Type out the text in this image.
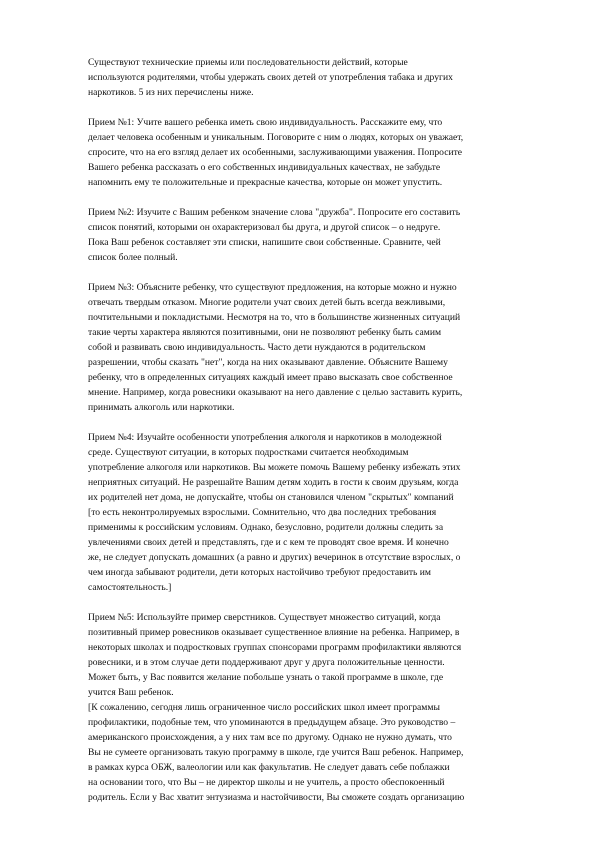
Существуют технические приемы или последовательности действий, которые
используются родителями, чтобы удержать своих детей от употребления табака и других
наркотиков. 5 из них перечислены ниже.

Прием №1: Учите вашего ребенка иметь свою индивидуальность. Расскажите ему, что
делает человека особенным и уникальным. Поговорите с ним о людях, которых он уважает,
спросите, что на его взгляд делает их особенными, заслуживающими уважения. Попросите
Вашего ребенка рассказать о его собственных индивидуальных качествах, не забудьте
напомнить ему те положительные и прекрасные качества, которые он может упустить.

Прием №2: Изучите с Вашим ребенком значение слова "дружба". Попросите его составить
список понятий, которыми он охарактеризовал бы друга, и другой список – о недруге.
Пока Ваш ребенок составляет эти списки, напишите свои собственные. Сравните, чей
список более полный.

Прием №3: Объясните ребенку, что существуют предложения, на которые можно и нужно
отвечать твердым отказом. Многие родители учат своих детей быть всегда вежливыми,
почтительными и покладистыми. Несмотря на то, что в большинстве жизненных ситуаций
такие черты характера являются позитивными, они не позволяют ребенку быть самим
собой и развивать свою индивидуальность. Часто дети нуждаются в родительском
разрешении, чтобы сказать "нет", когда на них оказывают давление. Объясните Вашему
ребенку, что в определенных ситуациях каждый имеет право высказать свое собственное
мнение. Например, когда ровесники оказывают на него давление с целью заставить курить,
принимать алкоголь или наркотики.

Прием №4: Изучайте особенности употребления алкоголя и наркотиков в молодежной
среде. Существуют ситуации, в которых подростками считается необходимым
употребление алкоголя или наркотиков. Вы можете помочь Вашему ребенку избежать этих
неприятных ситуаций. Не разрешайте Вашим детям ходить в гости к своим друзьям, когда
их родителей нет дома, не допускайте, чтобы он становился членом "скрытых" компаний
[то есть неконтролируемых взрослыми. Сомнительно, что два последних требования
применимы к российским условиям. Однако, безусловно, родители должны следить за
увлечениями своих детей и представлять, где и с кем те проводят свое время. И конечно
же, не следует допускать домашних (а равно и других) вечеринок в отсутствие взрослых, о
чем иногда забывают родители, дети которых настойчиво требуют предоставить им
самостоятельность.]

Прием №5: Используйте пример сверстников. Существует множество ситуаций, когда
позитивный пример ровесников оказывает существенное влияние на ребенка. Например, в
некоторых школах и подростковых группах спонсорами программ профилактики являются
ровесники, и в этом случае дети поддерживают друг у друга положительные ценности.
Может быть, у Вас появится желание побольше узнать о такой программе в школе, где
учится Ваш ребенок.

[К сожалению, сегодня лишь ограниченное число российских школ имеет программы
профилактики, подобные тем, что упоминаются в предыдущем абзаце. Это руководство –
американского происхождения, а у них там все по другому. Однако не нужно думать, что
Вы не сумеете организовать такую программу в школе, где учится Ваш ребенок. Например,
в рамках курса ОБЖ, валеологии или как факультатив. Не следует давать себе поблажки
на основании того, что Вы – не директор школы и не учитель, а просто обеспокоенный
родитель. Если у Вас хватит энтузиазма и настойчивости, Вы сможете создать организацию
